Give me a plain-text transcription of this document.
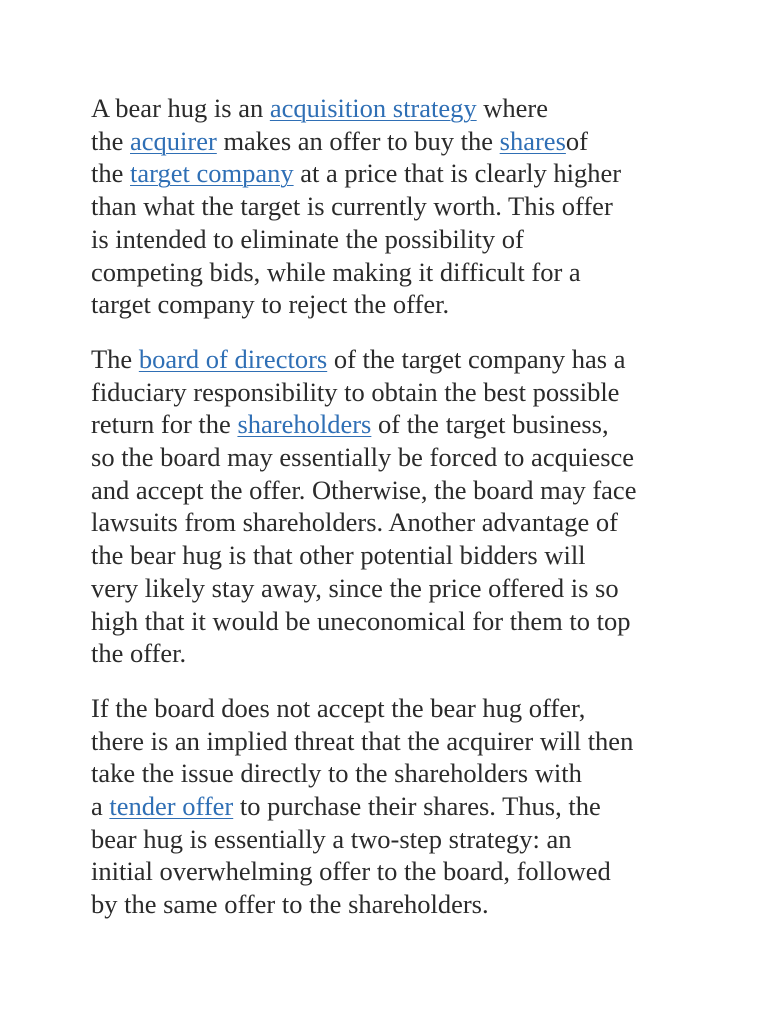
A bear hug is an acquisition strategy where
the acquirer makes an offer to buy the sharesof
the target company at a price that is clearly higher
than what the target is currently worth. This offer
is intended to eliminate the possibility of
competing bids, while making it difficult for a
target company to reject the offer.

The board of directors of the target company has a
fiduciary responsibility to obtain the best possible
return for the shareholders of the target business,
so the board may essentially be forced to acquiesce
and accept the offer. Otherwise, the board may face
lawsuits from shareholders. Another advantage of
the bear hug is that other potential bidders will
very likely stay away, since the price offered is so
high that it would be uneconomical for them to top
the offer.

If the board does not accept the bear hug offer,
there is an implied threat that the acquirer will then
take the issue directly to the shareholders with
a tender offer to purchase their shares. Thus, the
bear hug is essentially a two-step strategy: an
initial overwhelming offer to the board, followed
by the same offer to the shareholders.
